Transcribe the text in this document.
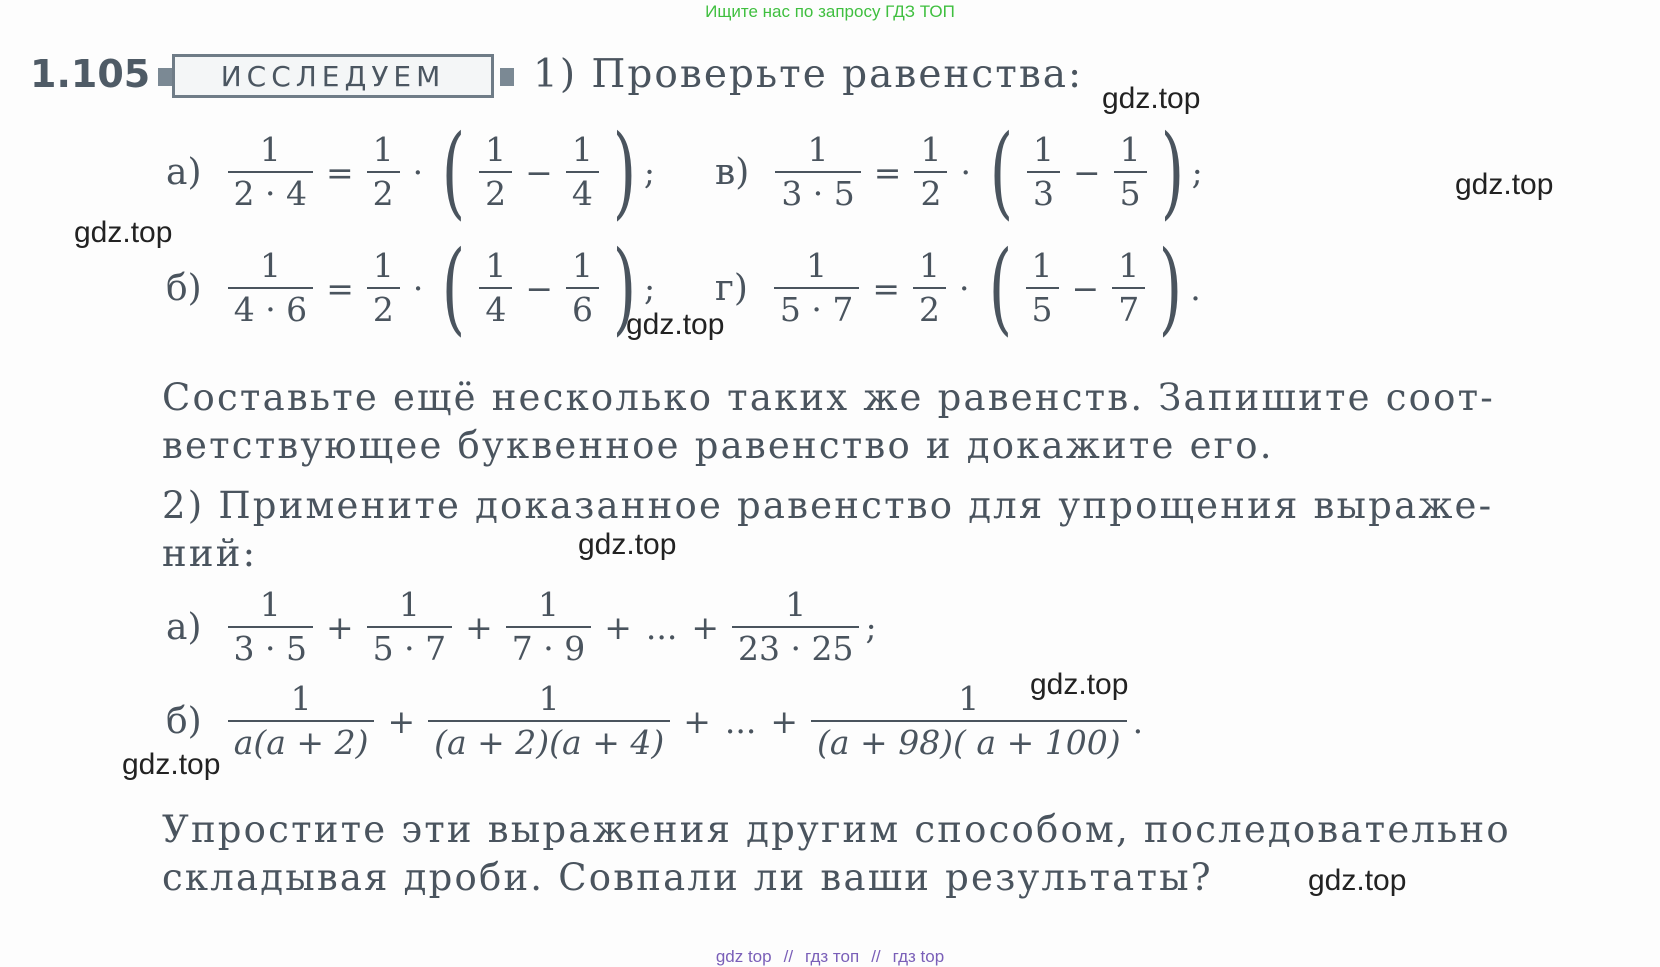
Ищите нас по запросу ГДЗ ТОП
1.105	ИССЛЕДУЕМ 1) Проверьте равенства:
$а) \frac{1}{2 \cdot 4} = \frac{1}{2}$ · ( $\frac{1}{2} - \frac{1}{4}$ ) ; $в) \frac{1}{3 \cdot 5} = \frac{1}{2}$ · ( $\frac{1}{3} - \frac{1}{5}$ ) ;
$б) \frac{1}{4 \cdot 6} = \frac{1}{2}$ · ( $\frac{1}{4} - \frac{1}{6}$ ) ; $г) \frac{1}{5 \cdot 7} = \frac{1}{2}$ · ( $\frac{1}{5} - \frac{1}{7}$ ) .
Составьте ещё несколько таких же равенств. Запишите соот-
ветствующее буквенное равенство и докажите его.
2) Примените доказанное равенство для упрощения выраже-
ний:
$а) \frac{1}{3 \cdot 5} + \frac{1}{5 \cdot 7} + \frac{1}{7 \cdot 9}$ + ... + $\frac{1}{23 \cdot 25}$ ;
$б) \frac{1}{a(a + 2)} + \frac{1}{(a + 2)(a + 4)}$ + ... + $\frac{1}{(a + 98)( a + 100)}$ .
Упростите эти выражения другим способом, последовательно
складывая дроби. Совпали ли ваши результаты?
gdz.top
gdz.top
gdz.top
gdz.top
gdz.top
gdz.top
gdz.top
gdz.top
gdz top // гдз топ // гдз top
